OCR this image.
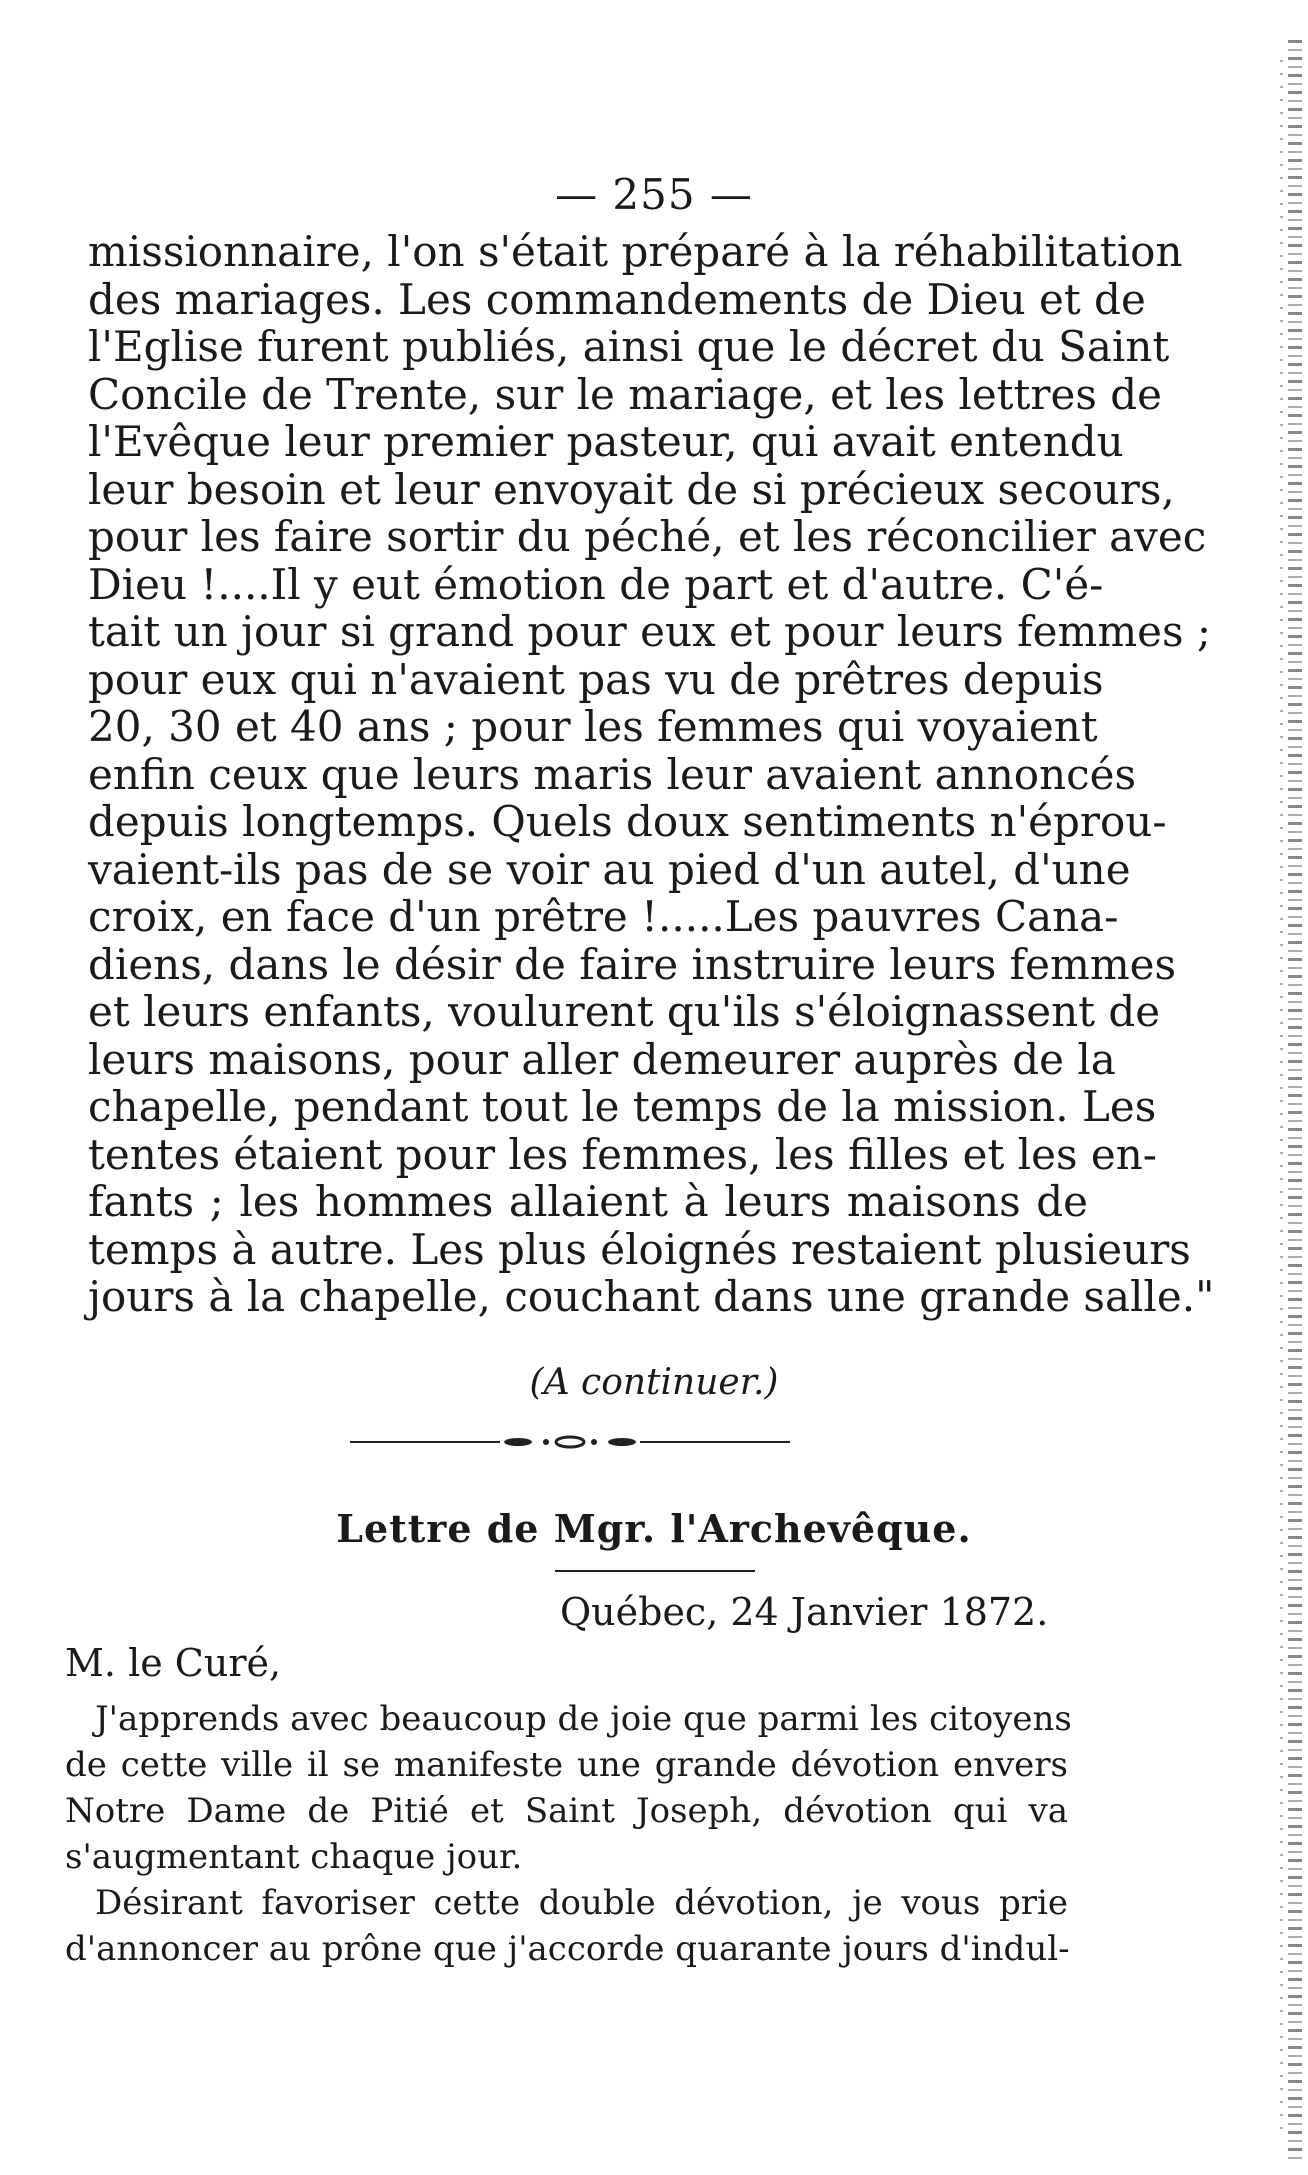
— 255 —
missionnaire, l'on s'était préparé à la réhabilitation
des mariages. Les commandements de Dieu et de
l'Eglise furent publiés, ainsi que le décret du Saint
Concile de Trente, sur le mariage, et les lettres de
l'Evêque leur premier pasteur, qui avait entendu
leur besoin et leur envoyait de si précieux secours,
pour les faire sortir du péché, et les réconcilier avec
Dieu !....Il y eut émotion de part et d'autre. C'é-
tait un jour si grand pour eux et pour leurs femmes ;
pour eux qui n'avaient pas vu de prêtres depuis
20, 30 et 40 ans ; pour les femmes qui voyaient
enfin ceux que leurs maris leur avaient annoncés
depuis longtemps. Quels doux sentiments n'éprou-
vaient-ils pas de se voir au pied d'un autel, d'une
croix, en face d'un prêtre !.....Les pauvres Cana-
diens, dans le désir de faire instruire leurs femmes
et leurs enfants, voulurent qu'ils s'éloignassent de
leurs maisons, pour aller demeurer auprès de la
chapelle, pendant tout le temps de la mission. Les
tentes étaient pour les femmes, les filles et les en-
fants ; les hommes allaient à leurs maisons de
temps à autre. Les plus éloignés restaient plusieurs
jours à la chapelle, couchant dans une grande salle."
(A continuer.)
Lettre de Mgr. l'Archevêque.
Québec, 24 Janvier 1872.
M. le Curé,
J'apprends avec beaucoup de joie que parmi les citoyens
de cette ville il se manifeste une grande dévotion envers
Notre Dame de Pitié et Saint Joseph, dévotion qui va
s'augmentant chaque jour.
Désirant favoriser cette double dévotion, je vous prie
d'annoncer au prône que j'accorde quarante jours d'indul-
